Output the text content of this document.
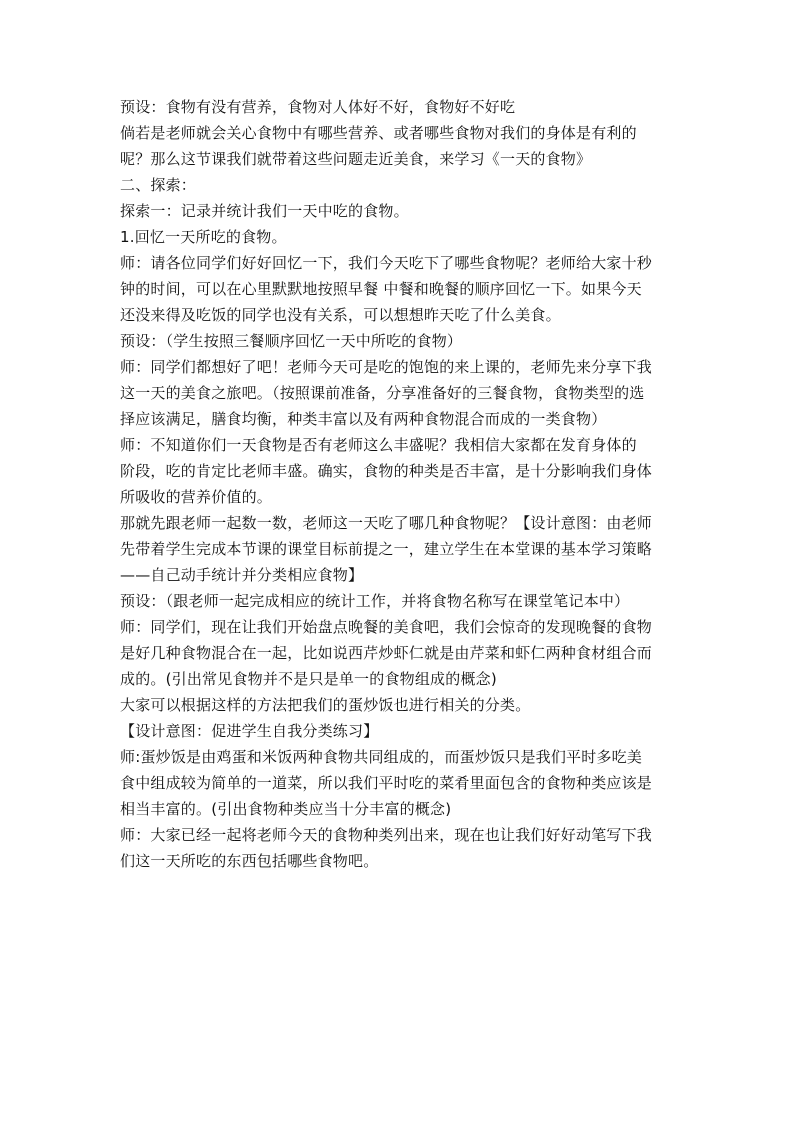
预设：食物有没有营养，食物对人体好不好，食物好不好吃
倘若是老师就会关心食物中有哪些营养、或者哪些食物对我们的身体是有利的
呢？那么这节课我们就带着这些问题走近美食，来学习《一天的食物》
二、探索：
探索一：记录并统计我们一天中吃的食物。
1.回忆一天所吃的食物。
师：请各位同学们好好回忆一下，我们今天吃下了哪些食物呢？老师给大家十秒
钟的时间，可以在心里默默地按照早餐 中餐和晚餐的顺序回忆一下。如果今天
还没来得及吃饭的同学也没有关系，可以想想昨天吃了什么美食。
预设：（学生按照三餐顺序回忆一天中所吃的食物）
师：同学们都想好了吧！老师今天可是吃的饱饱的来上课的，老师先来分享下我
这一天的美食之旅吧。（按照课前准备，分享准备好的三餐食物，食物类型的选
择应该满足，膳食均衡，种类丰富以及有两种食物混合而成的一类食物）
师：不知道你们一天食物是否有老师这么丰盛呢？我相信大家都在发育身体的
阶段，吃的肯定比老师丰盛。确实，食物的种类是否丰富，是十分影响我们身体
所吸收的营养价值的。
那就先跟老师一起数一数，老师这一天吃了哪几种食物呢？【设计意图：由老师
先带着学生完成本节课的课堂目标前提之一，建立学生在本堂课的基本学习策略
——自己动手统计并分类相应食物】
预设：（跟老师一起完成相应的统计工作，并将食物名称写在课堂笔记本中）
师：同学们，现在让我们开始盘点晚餐的美食吧，我们会惊奇的发现晚餐的食物
是好几种食物混合在一起，比如说西芹炒虾仁就是由芹菜和虾仁两种食材组合而
成的。(引出常见食物并不是只是单一的食物组成的概念)
大家可以根据这样的方法把我们的蛋炒饭也进行相关的分类。
【设计意图：促进学生自我分类练习】
师:蛋炒饭是由鸡蛋和米饭两种食物共同组成的，而蛋炒饭只是我们平时多吃美
食中组成较为简单的一道菜，所以我们平时吃的菜肴里面包含的食物种类应该是
相当丰富的。(引出食物种类应当十分丰富的概念)
师：大家已经一起将老师今天的食物种类列出来，现在也让我们好好动笔写下我
们这一天所吃的东西包括哪些食物吧。
